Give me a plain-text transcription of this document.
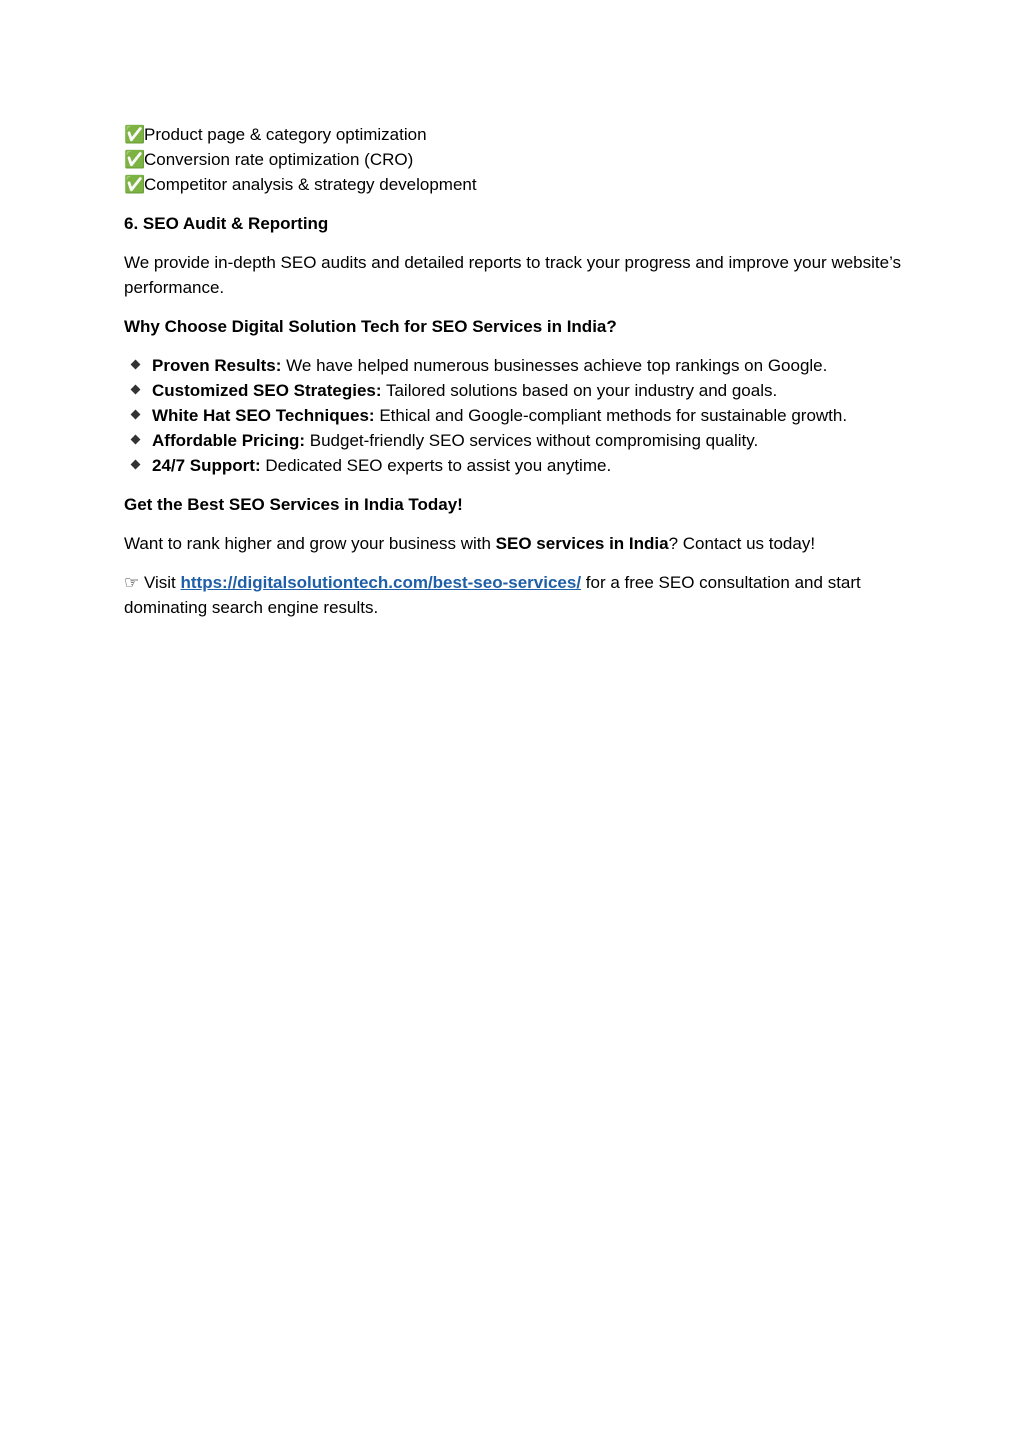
✅Product page & category optimization

✅Conversion rate optimization (CRO)

✅Competitor analysis & strategy development

6. SEO Audit & Reporting

We provide in-depth SEO audits and detailed reports to track your progress and improve your website’s performance.

Why Choose Digital Solution Tech for SEO Services in India?
Proven Results: We have helped numerous businesses achieve top rankings on Google.
Customized SEO Strategies: Tailored solutions based on your industry and goals.
White Hat SEO Techniques: Ethical and Google-compliant methods for sustainable growth.
Affordable Pricing: Budget-friendly SEO services without compromising quality.
24/7 Support: Dedicated SEO experts to assist you anytime.
Get the Best SEO Services in India Today!

Want to rank higher and grow your business with SEO services in India? Contact us today!

☞ Visit https://digitalsolutiontech.com/best-seo-services/ for a free SEO consultation and start dominating search engine results.
